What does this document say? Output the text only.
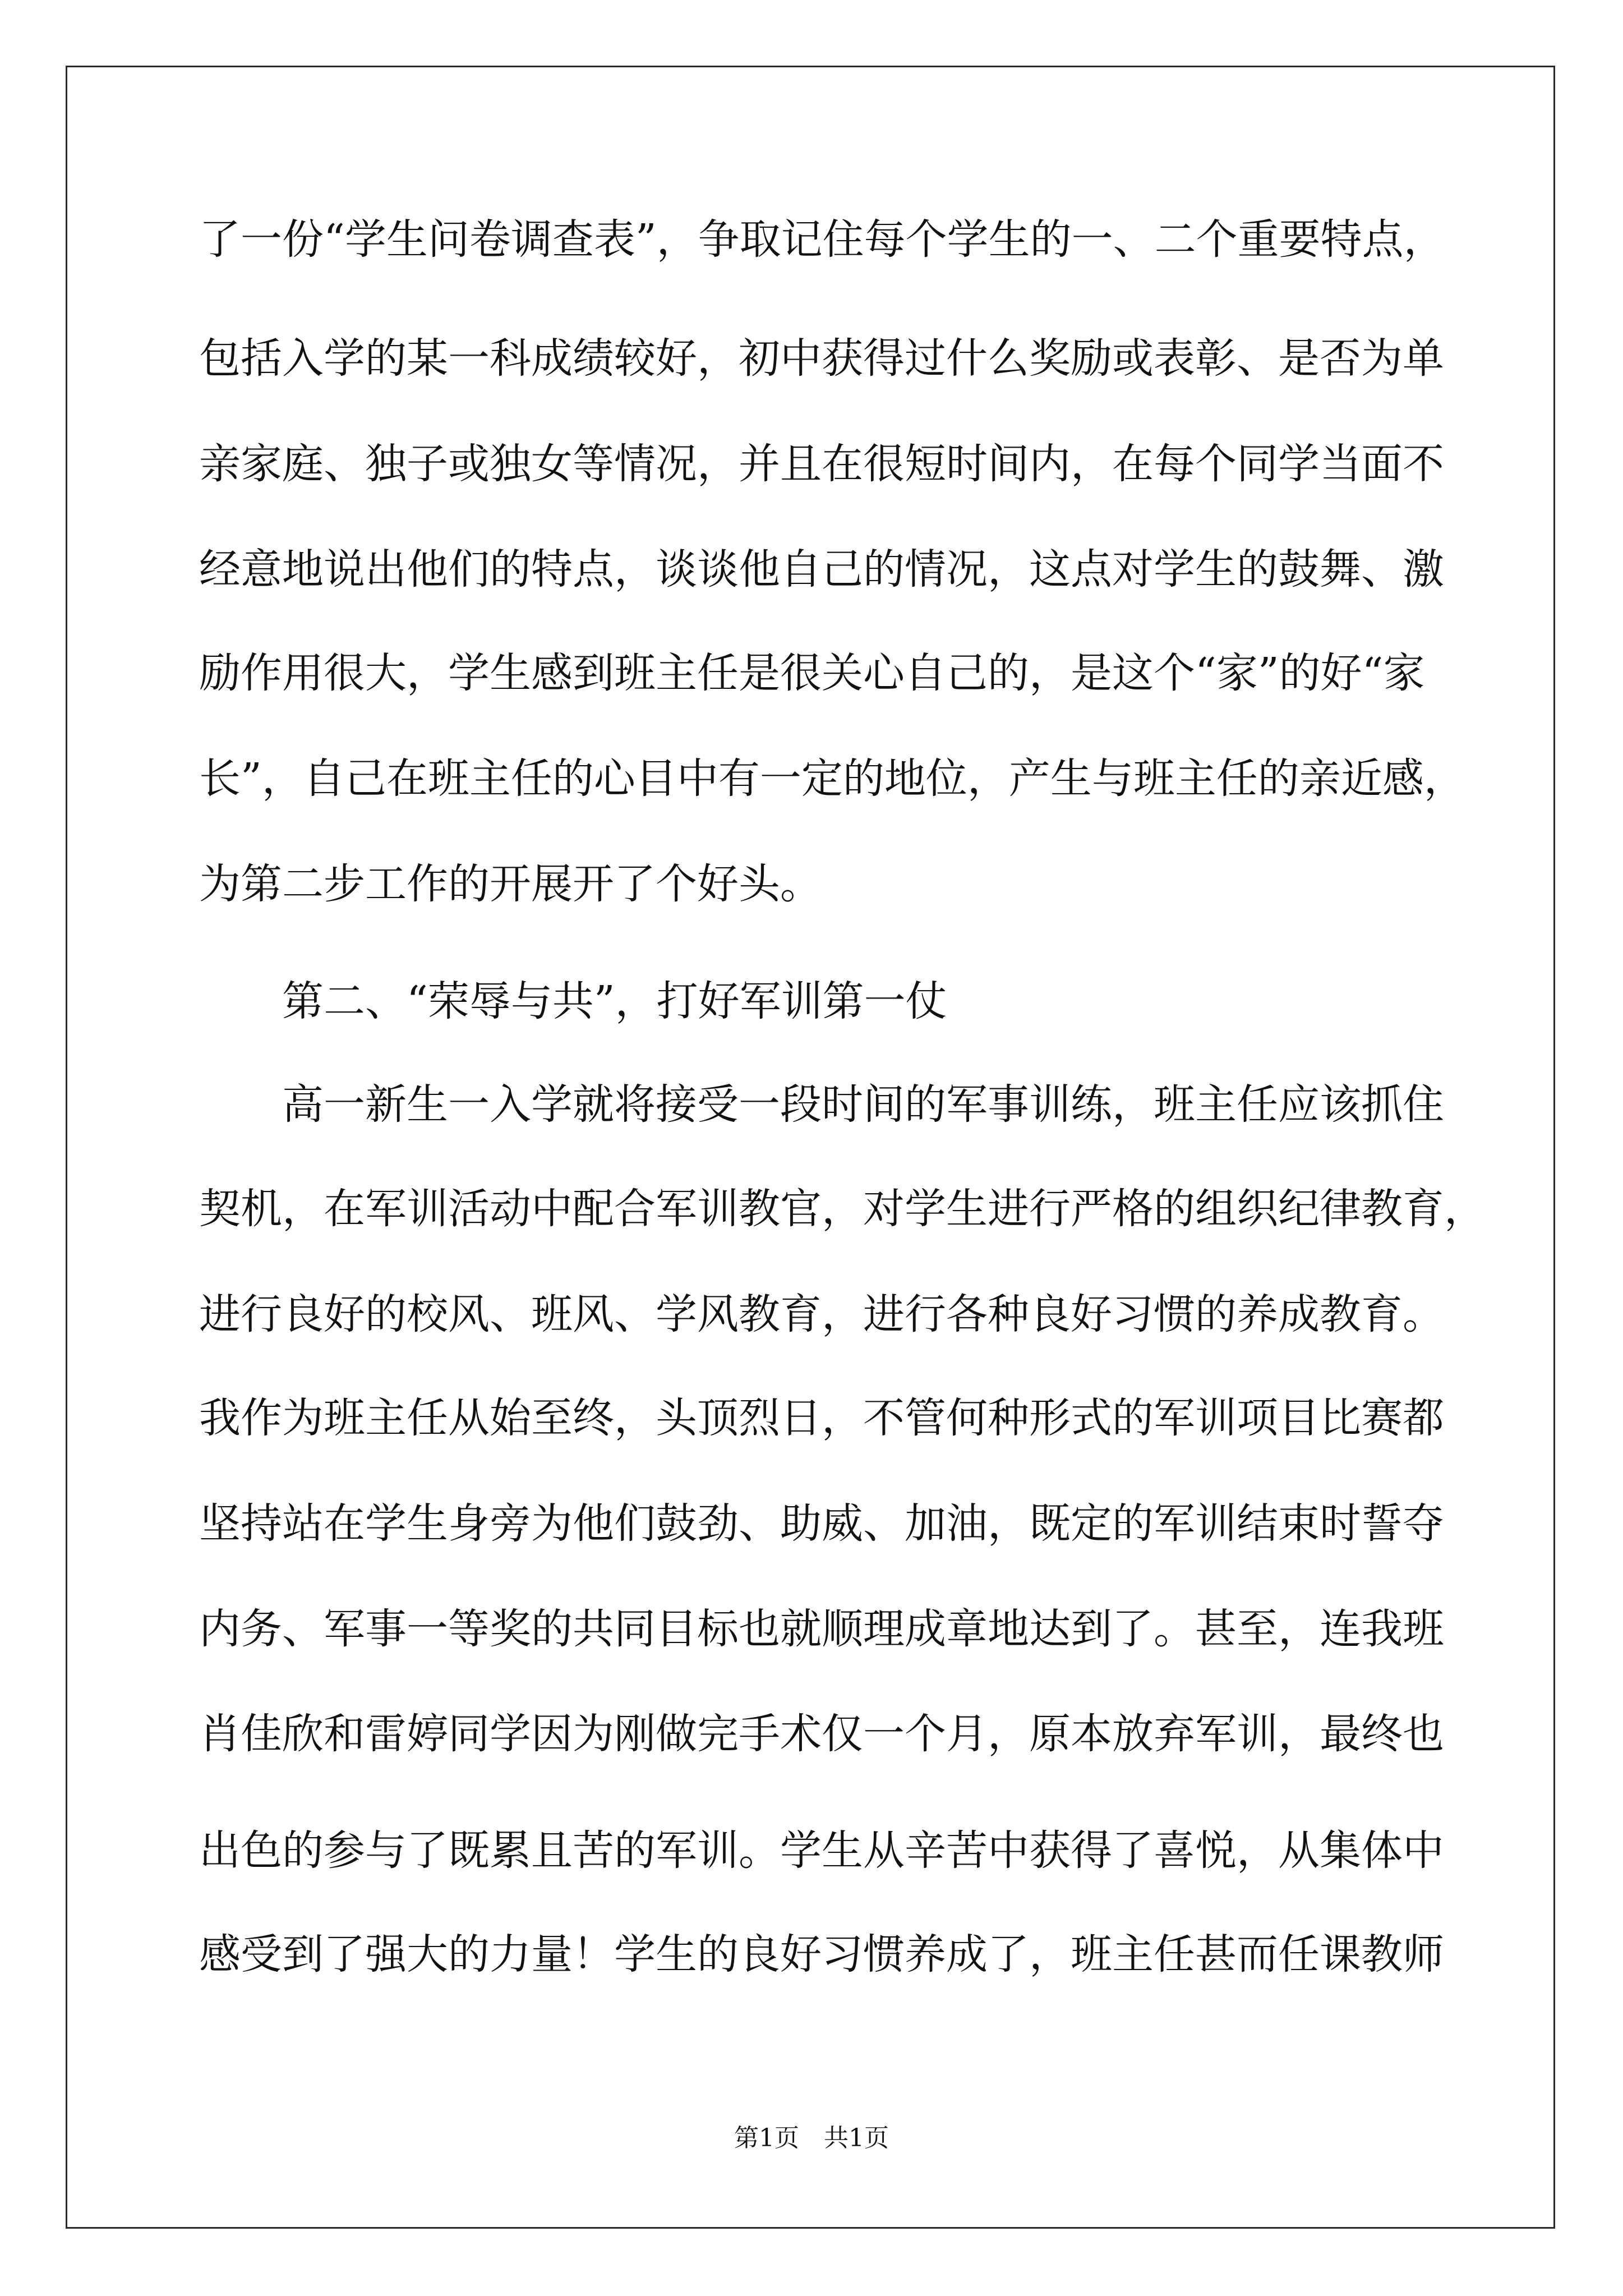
了一份“学生问卷调查表”，争取记住每个学生的一、二个重要特点，

包括入学的某一科成绩较好，初中获得过什么奖励或表彰、是否为单

亲家庭、独子或独女等情况，并且在很短时间内，在每个同学当面不

经意地说出他们的特点，谈谈他自己的情况，这点对学生的鼓舞、激

励作用很大，学生感到班主任是很关心自己的，是这个“家”的好“家

长”，自己在班主任的心目中有一定的地位，产生与班主任的亲近感，

为第二步工作的开展开了个好头。

第二、“荣辱与共”，打好军训第一仗

高一新生一入学就将接受一段时间的军事训练，班主任应该抓住

契机，在军训活动中配合军训教官，对学生进行严格的组织纪律教育，

进行良好的校风、班风、学风教育，进行各种良好习惯的养成教育。

我作为班主任从始至终，头顶烈日，不管何种形式的军训项目比赛都

坚持站在学生身旁为他们鼓劲、助威、加油，既定的军训结束时誓夺

内务、军事一等奖的共同目标也就顺理成章地达到了。甚至，连我班

肖佳欣和雷婷同学因为刚做完手术仅一个月，原本放弃军训，最终也

出色的参与了既累且苦的军训。学生从辛苦中获得了喜悦，从集体中

感受到了强大的力量！学生的良好习惯养成了，班主任甚而任课教师

第1页　共1页
